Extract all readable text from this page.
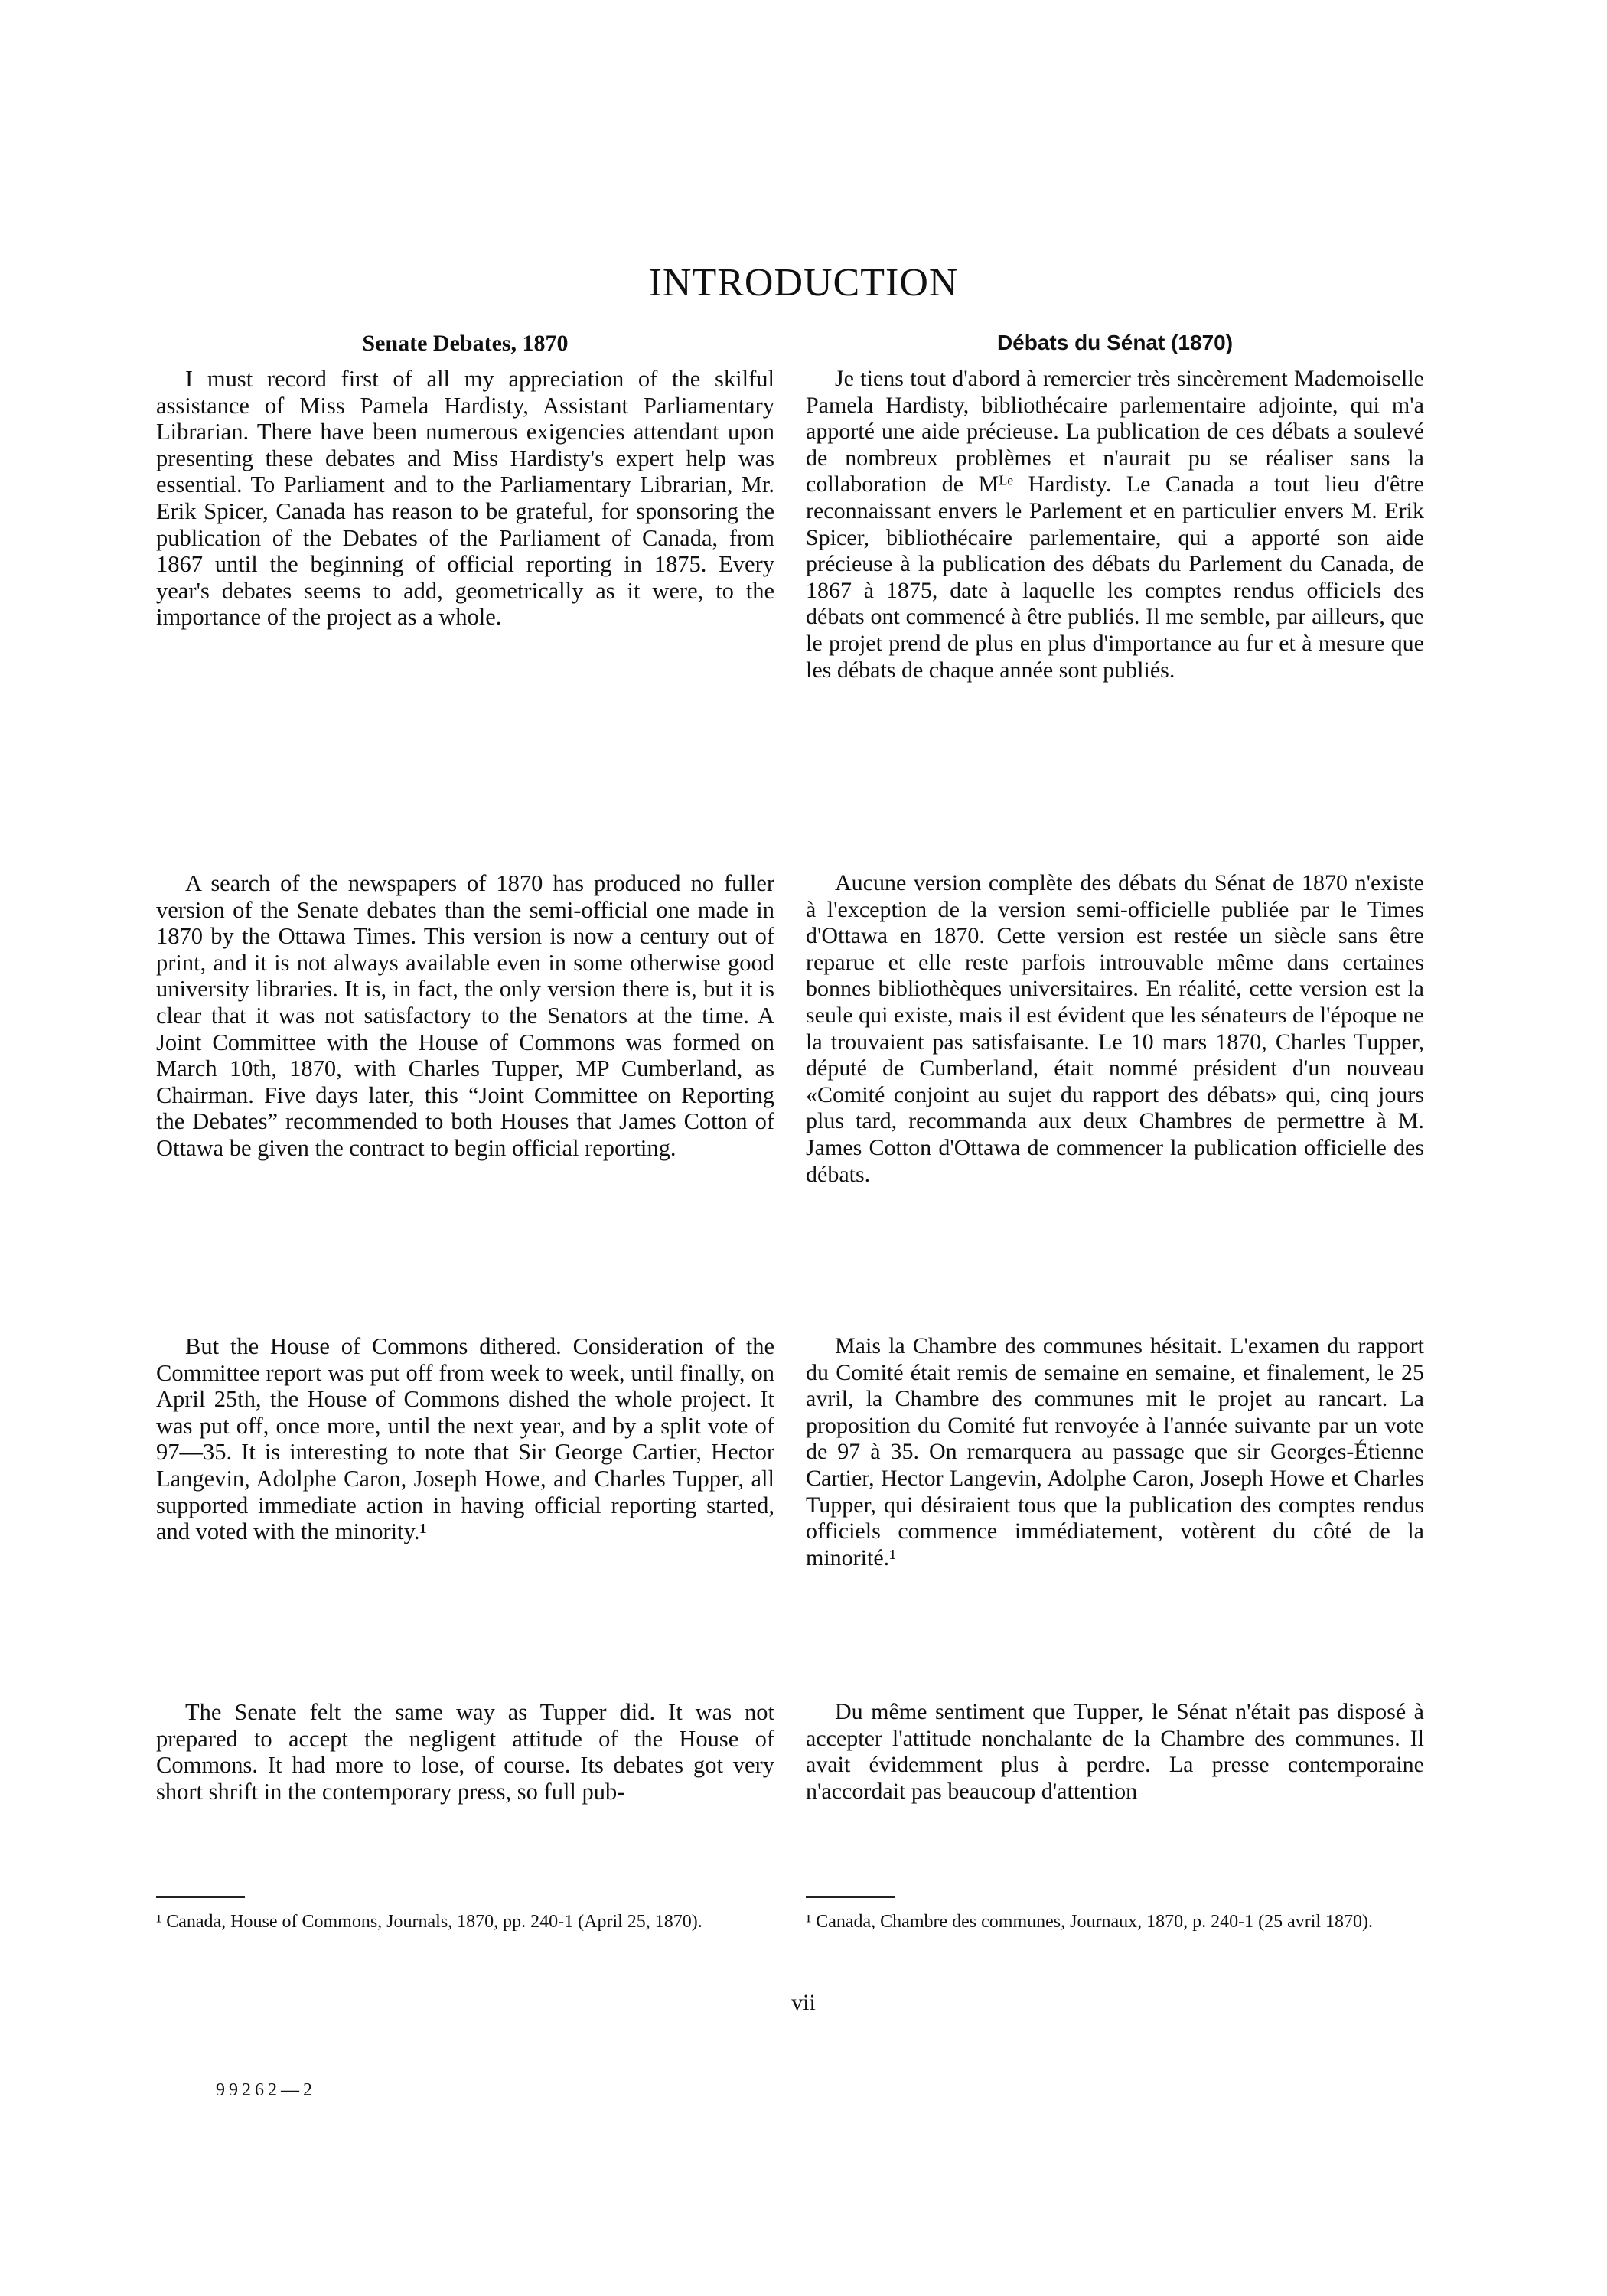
INTRODUCTION
Senate Debates, 1870

I must record first of all my appreciation of the skilful assistance of Miss Pamela Hardisty, Assistant Parliamentary Librarian. There have been numerous exigencies attendant upon presenting these debates and Miss Hardisty's expert help was essential. To Parliament and to the Parliamentary Librarian, Mr. Erik Spicer, Canada has reason to be grateful, for sponsoring the publication of the Debates of the Parliament of Canada, from 1867 until the beginning of official reporting in 1875. Every year's debates seems to add, geometrically as it were, to the importance of the project as a whole.

A search of the newspapers of 1870 has produced no fuller version of the Senate debates than the semi-official one made in 1870 by the Ottawa Times. This version is now a century out of print, and it is not always available even in some otherwise good university libraries. It is, in fact, the only version there is, but it is clear that it was not satisfactory to the Senators at the time. A Joint Committee with the House of Commons was formed on March 10th, 1870, with Charles Tupper, MP Cumberland, as Chairman. Five days later, this “Joint Committee on Reporting the Debates” recommended to both Houses that James Cotton of Ottawa be given the contract to begin official reporting.

But the House of Commons dithered. Consideration of the Committee report was put off from week to week, until finally, on April 25th, the House of Commons dished the whole project. It was put off, once more, until the next year, and by a split vote of 97—35. It is interesting to note that Sir George Cartier, Hector Langevin, Adolphe Caron, Joseph Howe, and Charles Tupper, all supported immediate action in having official reporting started, and voted with the minority.¹

The Senate felt the same way as Tupper did. It was not prepared to accept the negligent attitude of the House of Commons. It had more to lose, of course. Its debates got very short shrift in the contemporary press, so full pub-

Débats du Sénat (1870)

Je tiens tout d'abord à remercier très sincèrement Mademoiselle Pamela Hardisty, bibliothécaire parlementaire adjointe, qui m'a apporté une aide précieuse. La publication de ces débats a soulevé de nombreux problèmes et n'aurait pu se réaliser sans la collaboration de Mᴸᵉ Hardisty. Le Canada a tout lieu d'être reconnaissant envers le Parlement et en particulier envers M. Erik Spicer, bibliothécaire parlementaire, qui a apporté son aide précieuse à la publication des débats du Parlement du Canada, de 1867 à 1875, date à laquelle les comptes rendus officiels des débats ont commencé à être publiés. Il me semble, par ailleurs, que le projet prend de plus en plus d'importance au fur et à mesure que les débats de chaque année sont publiés.

Aucune version complète des débats du Sénat de 1870 n'existe à l'exception de la version semi-officielle publiée par le Times d'Ottawa en 1870. Cette version est restée un siècle sans être reparue et elle reste parfois introuvable même dans certaines bonnes bibliothèques universitaires. En réalité, cette version est la seule qui existe, mais il est évident que les sénateurs de l'époque ne la trouvaient pas satisfaisante. Le 10 mars 1870, Charles Tupper, député de Cumberland, était nommé président d'un nouveau «Comité conjoint au sujet du rapport des débats» qui, cinq jours plus tard, recommanda aux deux Chambres de permettre à M. James Cotton d'Ottawa de commencer la publication officielle des débats.

Mais la Chambre des communes hésitait. L'examen du rapport du Comité était remis de semaine en semaine, et finalement, le 25 avril, la Chambre des communes mit le projet au rancart. La proposition du Comité fut renvoyée à l'année suivante par un vote de 97 à 35. On remarquera au passage que sir Georges-Étienne Cartier, Hector Langevin, Adolphe Caron, Joseph Howe et Charles Tupper, qui désiraient tous que la publication des comptes rendus officiels commence immédiatement, votèrent du côté de la minorité.¹

Du même sentiment que Tupper, le Sénat n'était pas disposé à accepter l'attitude nonchalante de la Chambre des communes. Il avait évidemment plus à perdre. La presse contemporaine n'accordait pas beaucoup d'attention

¹ Canada, House of Commons, Journals, 1870, pp. 240-1 (April 25, 1870).	¹ Canada, Chambre des communes, Journaux, 1870, p. 240-1 (25 avril 1870).

vii

99262—2
